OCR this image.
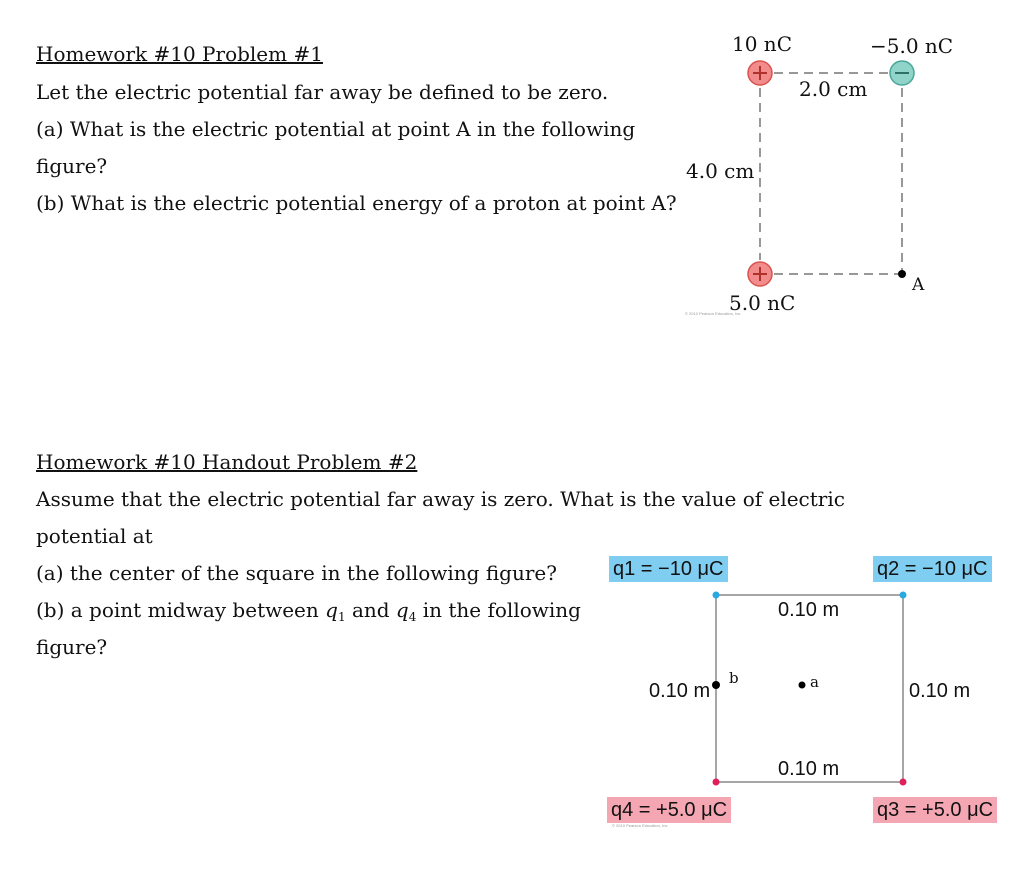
Homework #10 Problem #1
Let the electric potential far away be defined to be zero.
(a) What is the electric potential at point A in the following
figure?
(b) What is the electric potential energy of a proton at point A?
10 nC	−5.0 nC
2.0 cm
4.0 cm
5.0 nC
A
© 2010 Pearson Education, Inc.
Homework #10 Handout Problem #2
Assume that the electric potential far away is zero. What is the value of electric
potential at
(a) the center of the square in the following figure?
(b) a point midway between $q_1$ and $q_4$ in the following
figure?
q1 = −10 μC	q2 = −10 μC
q4 = +5.0 μC	q3 = +5.0 μC
0.10 m
0.10 m
0.10 m	0.10 m
b	a
© 2010 Pearson Education, Inc.
